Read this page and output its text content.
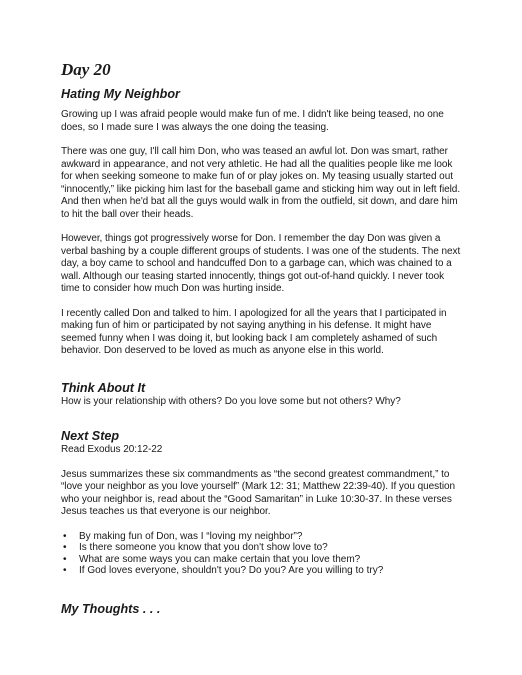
Day 20
Hating My Neighbor

Growing up I was afraid people would make fun of me. I didn't like being teased, no one does, so I made sure I was always the one doing the teasing.

There was one guy, I'll call him Don, who was teased an awful lot. Don was smart, rather awkward in appearance, and not very athletic. He had all the qualities people like me look for when seeking someone to make fun of or play jokes on. My teasing usually started out “innocently,” like picking him last for the baseball game and sticking him way out in left field. And then when he'd bat all the guys would walk in from the outfield, sit down, and dare him to hit the ball over their heads.

However, things got progressively worse for Don. I remember the day Don was given a verbal bashing by a couple different groups of students. I was one of the students. The next day, a boy came to school and handcuffed Don to a garbage can, which was chained to a wall. Although our teasing started innocently, things got out-of-hand quickly. I never took time to consider how much Don was hurting inside.

I recently called Don and talked to him. I apologized for all the years that I participated in making fun of him or participated by not saying anything in his defense. It might have seemed funny when I was doing it, but looking back I am completely ashamed of such behavior. Don deserved to be loved as much as anyone else in this world.

Think About It

How is your relationship with others? Do you love some but not others? Why?

Next Step

Read Exodus 20:12-22

Jesus summarizes these six commandments as “the second greatest commandment,” to “love your neighbor as you love yourself” (Mark 12: 31; Matthew 22:39-40). If you question who your neighbor is, read about the “Good Samaritan” in Luke 10:30-37. In these verses Jesus teaches us that everyone is our neighbor.

• By making fun of Don, was I “loving my neighbor”?
• Is there someone you know that you don't show love to?
• What are some ways you can make certain that you love them?
• If God loves everyone, shouldn't you? Do you? Are you willing to try?
My Thoughts . . .
